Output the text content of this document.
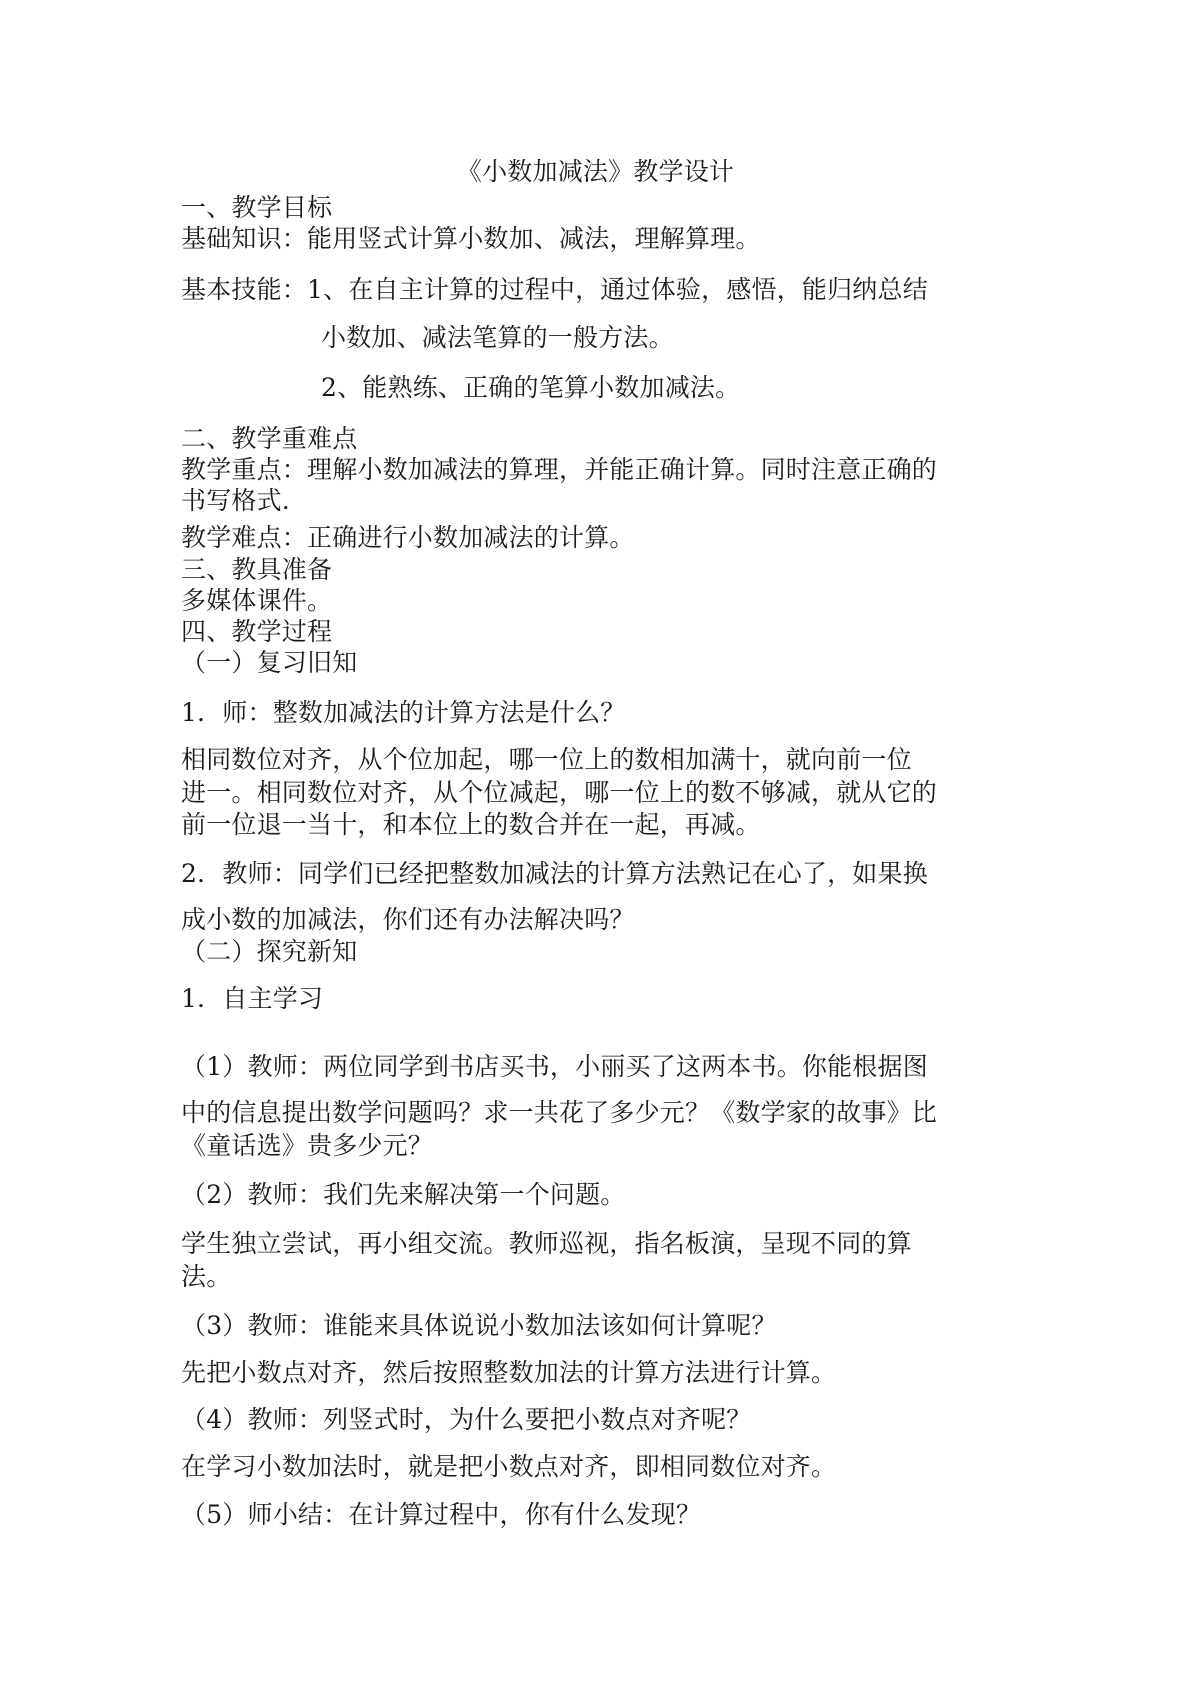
《小数加减法》教学设计
一、教学目标
基础知识：能用竖式计算小数加、减法，理解算理。
基本技能：1、在自主计算的过程中，通过体验，感悟，能归纳总结
小数加、减法笔算的一般方法。
2、能熟练、正确的笔算小数加减法。
二、教学重难点
教学重点：理解小数加减法的算理，并能正确计算。同时注意正确的
书写格式.
教学难点：正确进行小数加减法的计算。
三、教具准备
多媒体课件。
四、教学过程
（一）复习旧知
1．师：整数加减法的计算方法是什么？
相同数位对齐，从个位加起，哪一位上的数相加满十，就向前一位
进一。相同数位对齐，从个位减起，哪一位上的数不够减，就从它的
前一位退一当十，和本位上的数合并在一起，再减。
2．教师：同学们已经把整数加减法的计算方法熟记在心了，如果换
成小数的加减法，你们还有办法解决吗？
（二）探究新知
1．自主学习
（1）教师：两位同学到书店买书，小丽买了这两本书。你能根据图
中的信息提出数学问题吗？求一共花了多少元？《数学家的故事》比
《童话选》贵多少元？
（2）教师：我们先来解决第一个问题。
学生独立尝试，再小组交流。教师巡视，指名板演，呈现不同的算
法。
（3）教师：谁能来具体说说小数加法该如何计算呢？
先把小数点对齐，然后按照整数加法的计算方法进行计算。
（4）教师：列竖式时，为什么要把小数点对齐呢？
在学习小数加法时，就是把小数点对齐，即相同数位对齐。
（5）师小结：在计算过程中，你有什么发现？
